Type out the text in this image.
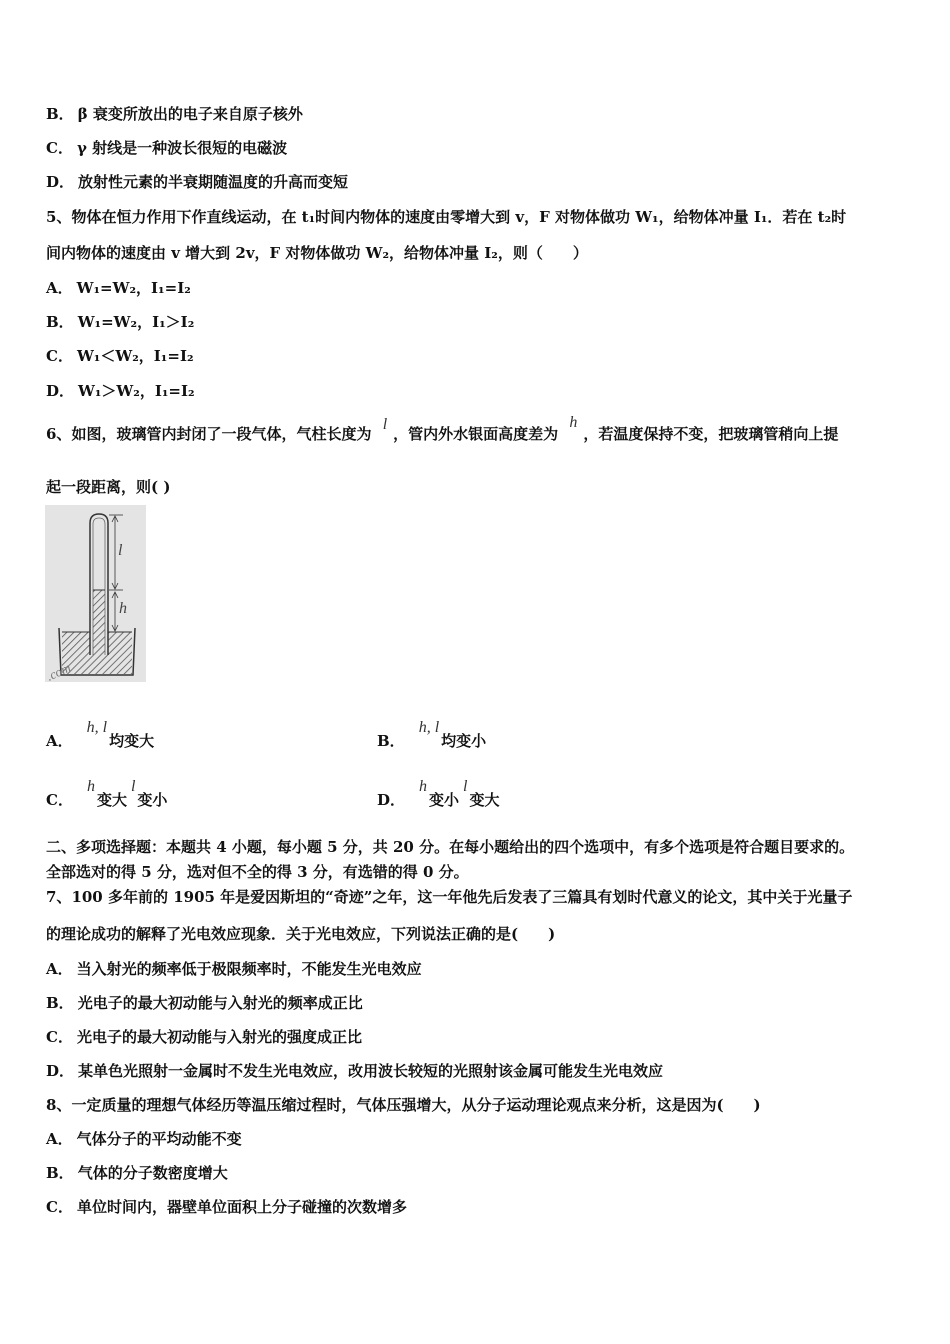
B． β 衰变所放出的电子来自原子核外
C． γ 射线是一种波长很短的电磁波
D． 放射性元素的半衰期随温度的升高而变短
5、物体在恒力作用下作直线运动，在 t₁时间内物体的速度由零增大到 v，F 对物体做功 W₁，给物体冲量 I₁．若在 t₂时
间内物体的速度由 v 增大到 2v，F 对物体做功 W₂，给物体冲量 I₂，则（　　）
A． W₁=W₂，I₁=I₂
B． W₁=W₂，I₁＞I₂
C． W₁＜W₂，I₁=I₂
D． W₁＞W₂，I₁=I₂
6、如图，玻璃管内封闭了一段气体，气柱长度为 l，管内外水银面高度差为 h，若温度保持不变，把玻璃管稍向上提
起一段距离，则( )
l
h
.com
A．h, l均变大	B．h, l均变小
C．h变大l变小	D．h变小l变大
二、多项选择题：本题共 4 小题，每小题 5 分，共 20 分。在每小题给出的四个选项中，有多个选项是符合题目要求的。
全部选对的得 5 分，选对但不全的得 3 分，有选错的得 0 分。
7、100 多年前的 1905 年是爱因斯坦的“奇迹”之年，这一年他先后发表了三篇具有划时代意义的论文，其中关于光量子
的理论成功的解释了光电效应现象．关于光电效应，下列说法正确的是(　　)
A． 当入射光的频率低于极限频率时，不能发生光电效应
B． 光电子的最大初动能与入射光的频率成正比
C． 光电子的最大初动能与入射光的强度成正比
D． 某单色光照射一金属时不发生光电效应，改用波长较短的光照射该金属可能发生光电效应
8、一定质量的理想气体经历等温压缩过程时，气体压强增大，从分子运动理论观点来分析，这是因为(　　)
A． 气体分子的平均动能不变
B． 气体的分子数密度增大
C． 单位时间内，器壁单位面积上分子碰撞的次数增多
